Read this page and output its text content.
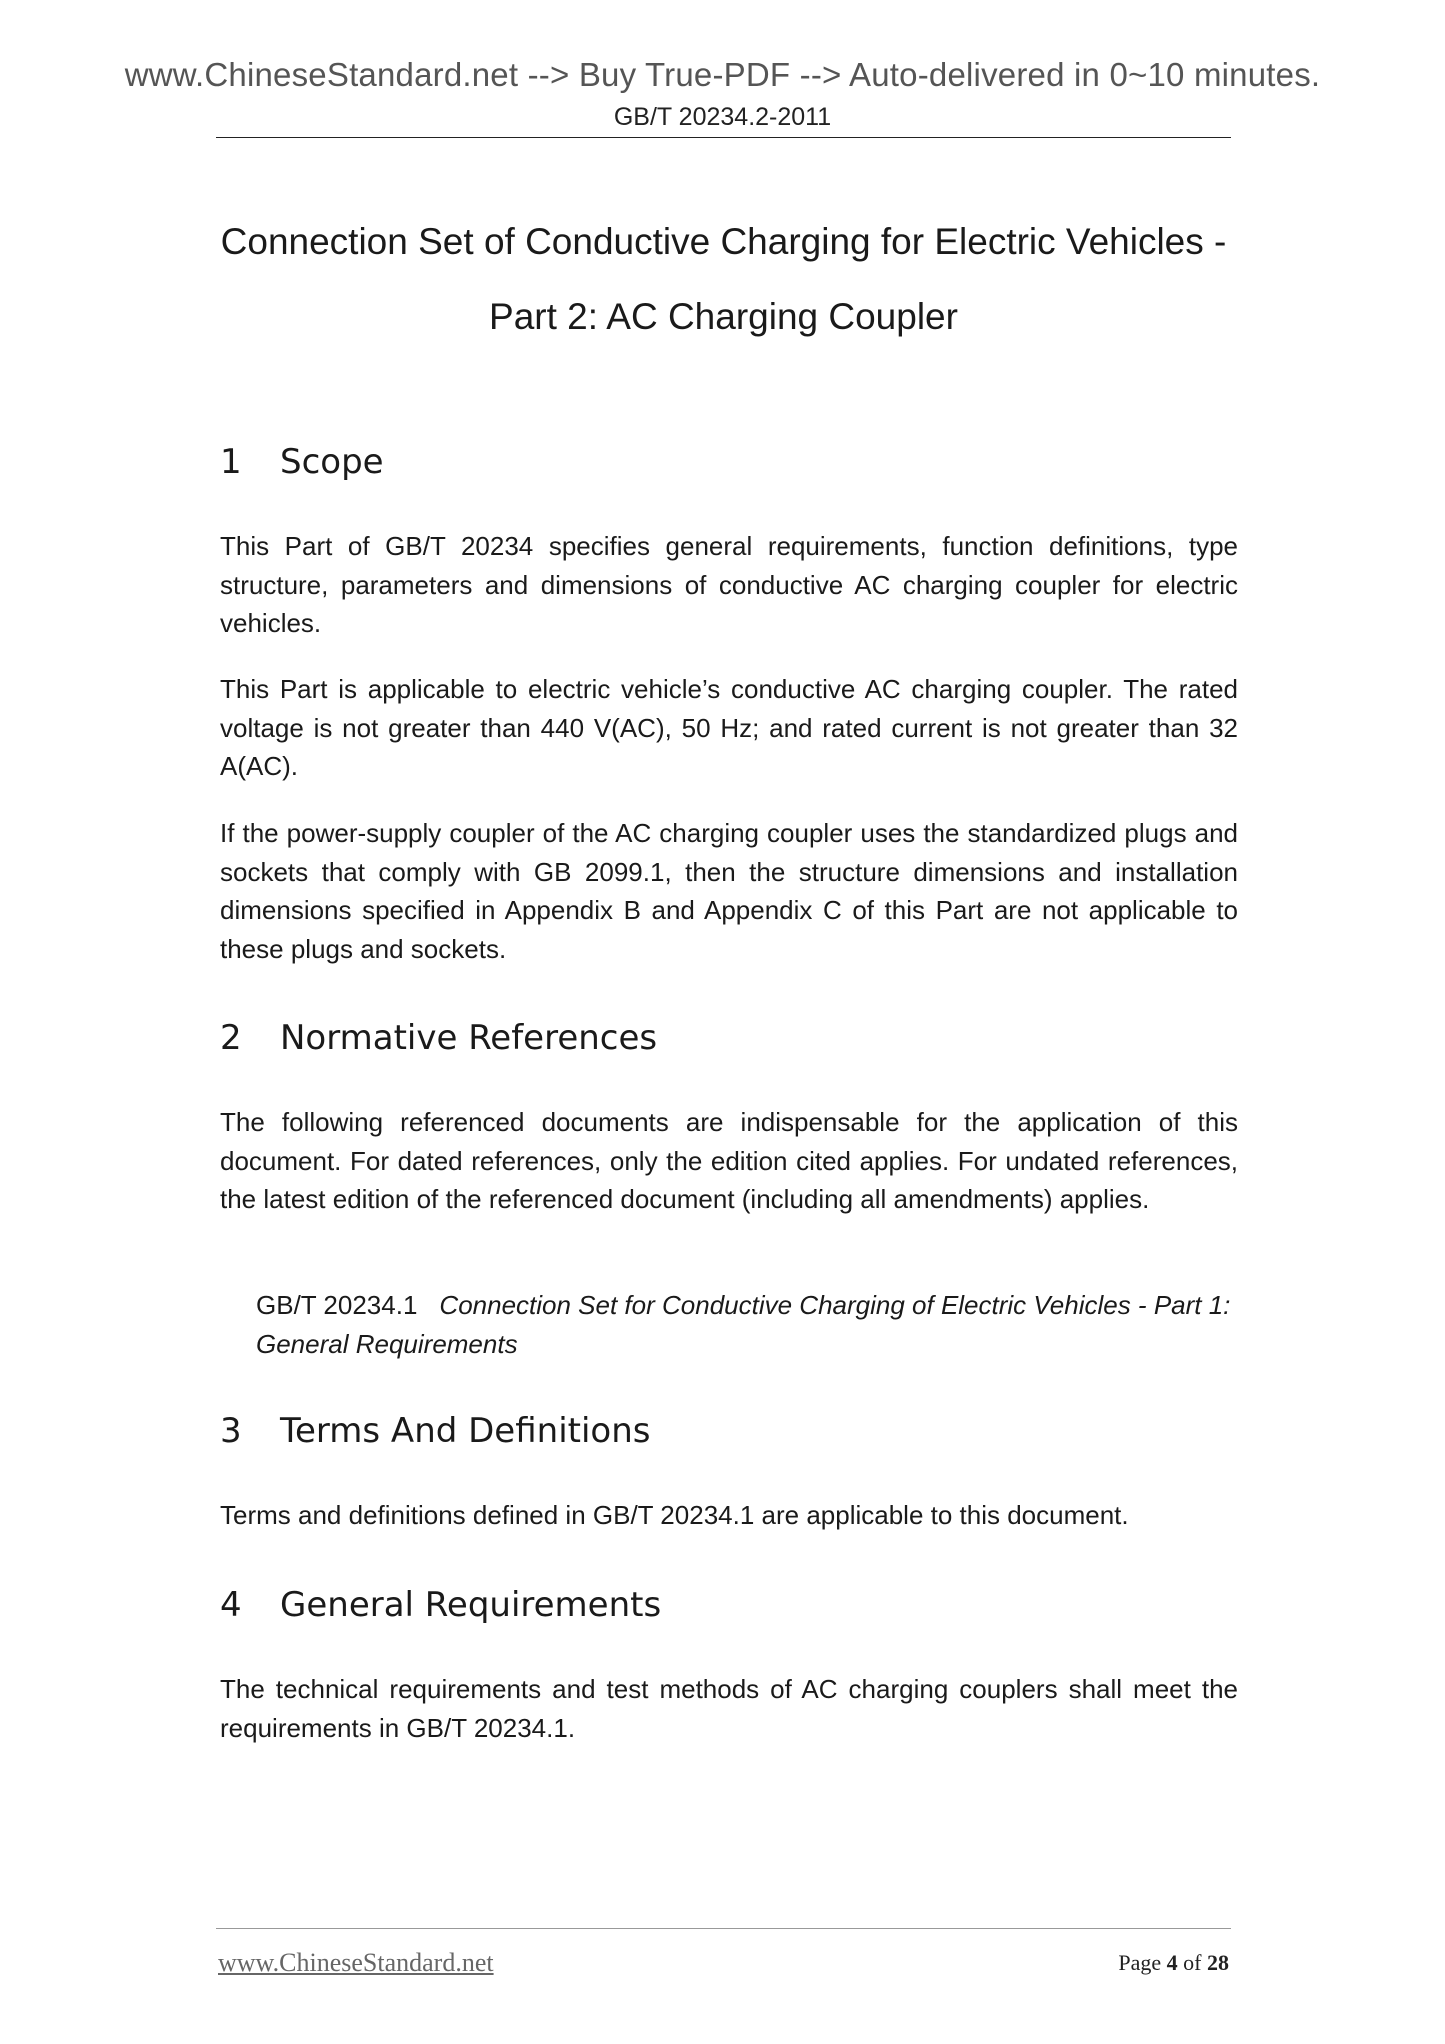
www.ChineseStandard.net --> Buy True-PDF --> Auto-delivered in 0~10 minutes.
GB/T 20234.2-2011
Connection Set of Conductive Charging for Electric Vehicles -
Part 2: AC Charging Coupler
1 Scope

This Part of GB/T 20234 specifies general requirements, function definitions, type structure, parameters and dimensions of conductive AC charging coupler for electric vehicles.

This Part is applicable to electric vehicle’s conductive AC charging coupler. The rated voltage is not greater than 440 V(AC), 50 Hz; and rated current is not greater than 32 A(AC).

If the power-supply coupler of the AC charging coupler uses the standardized plugs and sockets that comply with GB 2099.1, then the structure dimensions and installation dimensions specified in Appendix B and Appendix C of this Part are not applicable to these plugs and sockets.

2 Normative References

The following referenced documents are indispensable for the application of this document. For dated references, only the edition cited applies. For undated references, the latest edition of the referenced document (including all amendments) applies.

GB/T 20234.1 Connection Set for Conductive Charging of Electric Vehicles - Part 1: General Requirements

3 Terms And Definitions

Terms and definitions defined in GB/T 20234.1 are applicable to this document.

4 General Requirements

The technical requirements and test methods of AC charging couplers shall meet the requirements in GB/T 20234.1.

www.ChineseStandard.net	Page 4 of 28
